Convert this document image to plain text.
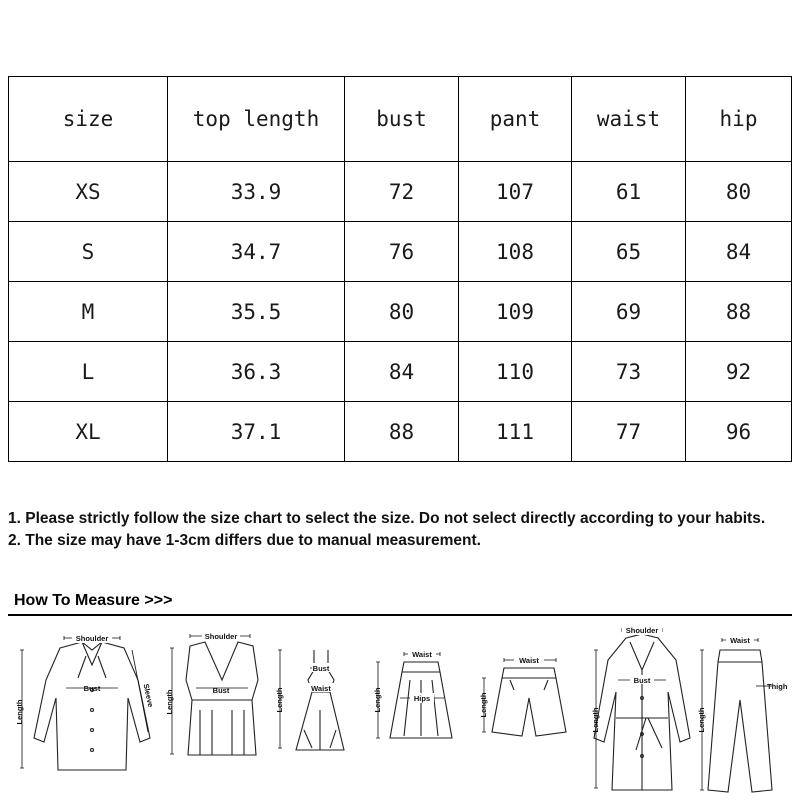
size	top length	bust	pant	waist	hip
XS	33.9	72	107	61	80
S	34.7	76	108	65	84
M	35.5	80	109	69	88
L	36.3	84	110	73	92
XL	37.1	88	111	77	96

1. Please strictly follow the size chart to select the size. Do not select directly according to your habits.

2. The size may have 1-3cm differs due to manual measurement.

How To Measure >>>
Shoulder
Bust	Sleeve
Length
Shoulder
Bust
Length
Bust
Waist
Length
Waist
Hips
Length
Waist
Length
Shoulder
Bust
Length
Waist
Thigh
Length
